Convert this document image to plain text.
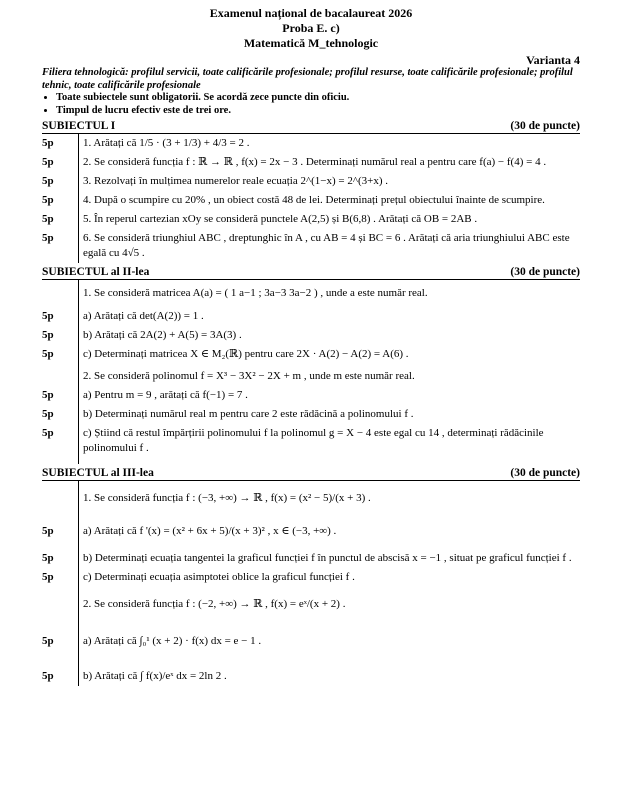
Examenul național de bacalaureat 2026
Proba E. c)
Matematică M_tehnologic
Varianta 4
Filiera tehnologică: profilul servicii, toate calificările profesionale; profilul resurse, toate calificările profesionale; profilul tehnic, toate calificările profesionale
• Toate subiectele sunt obligatorii. Se acordă zece puncte din oficiu.
• Timpul de lucru efectiv este de trei ore.
SUBIECTUL I	(30 de puncte)
5p	1. Arătați că 1/5 · (3 + 1/3) + 4/3 = 2 .
5p	2. Se consideră funcția f : ℝ → ℝ , f(x) = 2x − 3 . Determinați numărul real a pentru care f(a) − f(4) = 4 .
5p	3. Rezolvați în mulțimea numerelor reale ecuația 2^(1−x) = 2^(3+x) .
5p	4. După o scumpire cu 20% , un obiect costă 48 de lei. Determinați prețul obiectului înainte de scumpire.
5p	5. În reperul cartezian xOy se consideră punctele A(2,5) și B(6,8) . Arătați că OB = 2AB .
5p	6. Se consideră triunghiul ABC , dreptunghic în A , cu AB = 4 și BC = 6 . Arătați că aria triunghiului ABC este egală cu 4√5 .
SUBIECTUL al II-lea	(30 de puncte)
1. Se consideră matricea A(a) = ( 1 a−1 ; 3a−3 3a−2 ) , unde a este număr real.
5p	a) Arătați că det(A(2)) = 1 .
5p	b) Arătați că 2A(2) + A(5) = 3A(3) .
5p	c) Determinați matricea X ∈ M₂(ℝ) pentru care 2X · A(2) − A(2) = A(6) .
2. Se consideră polinomul f = X³ − 3X² − 2X + m , unde m este număr real.
5p	a) Pentru m = 9 , arătați că f(−1) = 7 .
5p	b) Determinați numărul real m pentru care 2 este rădăcină a polinomului f .
5p	c) Știind că restul împărțirii polinomului f la polinomul g = X − 4 este egal cu 14 , determinați rădăcinile polinomului f .
SUBIECTUL al III-lea	(30 de puncte)
1. Se consideră funcția f : (−3, +∞) → ℝ , f(x) = (x² − 5)/(x + 3) .
5p	a) Arătați că f '(x) = (x² + 6x + 5)/(x + 3)² , x ∈ (−3, +∞) .
5p	b) Determinați ecuația tangentei la graficul funcției f în punctul de abscisă x = −1 , situat pe graficul funcției f .
5p	c) Determinați ecuația asimptotei oblice la graficul funcției f .
2. Se consideră funcția f : (−2, +∞) → ℝ , f(x) = eˣ/(x + 2) .
5p	a) Arătați că ∫₀¹ (x + 2) · f(x) dx = e − 1 .
5p	b) Arătați că ∫ f(x)/eˣ dx = 2ln 2 .
